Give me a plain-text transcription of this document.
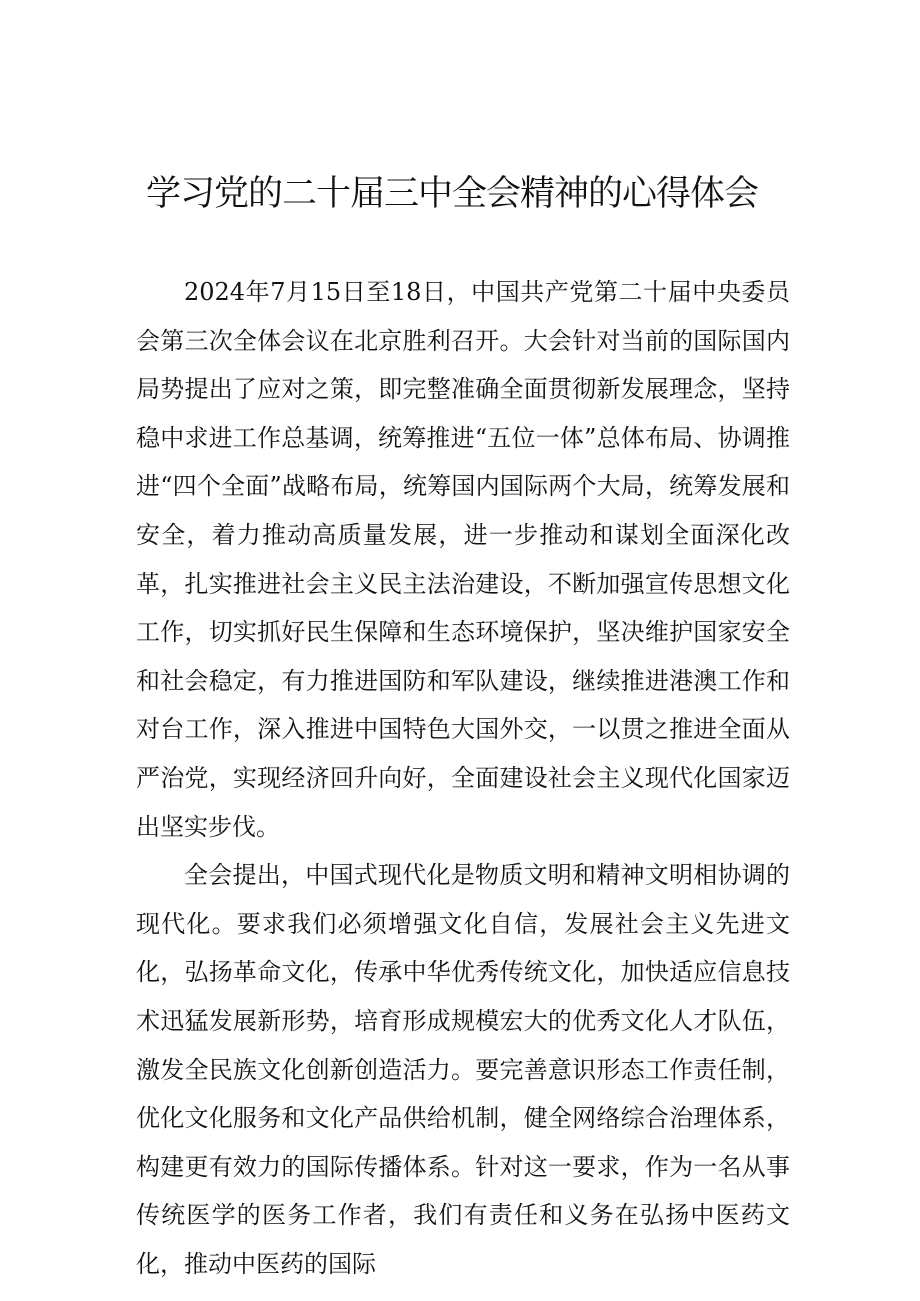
学习党的二十届三中全会精神的心得体会

2024年7月15日至18日，中国共产党第二十届中央委员会第三次全体会议在北京胜利召开。大会针对当前的国际国内局势提出了应对之策，即完整准确全面贯彻新发展理念，坚持稳中求进工作总基调，统筹推进“五位一体”总体布局、协调推进“四个全面”战略布局，统筹国内国际两个大局，统筹发展和安全，着力推动高质量发展，进一步推动和谋划全面深化改革，扎实推进社会主义民主法治建设，不断加强宣传思想文化工作，切实抓好民生保障和生态环境保护，坚决维护国家安全和社会稳定，有力推进国防和军队建设，继续推进港澳工作和对台工作，深入推进中国特色大国外交，一以贯之推进全面从严治党，实现经济回升向好，全面建设社会主义现代化国家迈出坚实步伐。

全会提出，中国式现代化是物质文明和精神文明相协调的现代化。要求我们必须增强文化自信，发展社会主义先进文化，弘扬革命文化，传承中华优秀传统文化，加快适应信息技术迅猛发展新形势，培育形成规模宏大的优秀文化人才队伍，激发全民族文化创新创造活力。要完善意识形态工作责任制，优化文化服务和文化产品供给机制，健全网络综合治理体系，构建更有效力的国际传播体系。针对这一要求，作为一名从事传统医学的医务工作者，我们有责任和义务在弘扬中医药文化，推动中医药的国际
